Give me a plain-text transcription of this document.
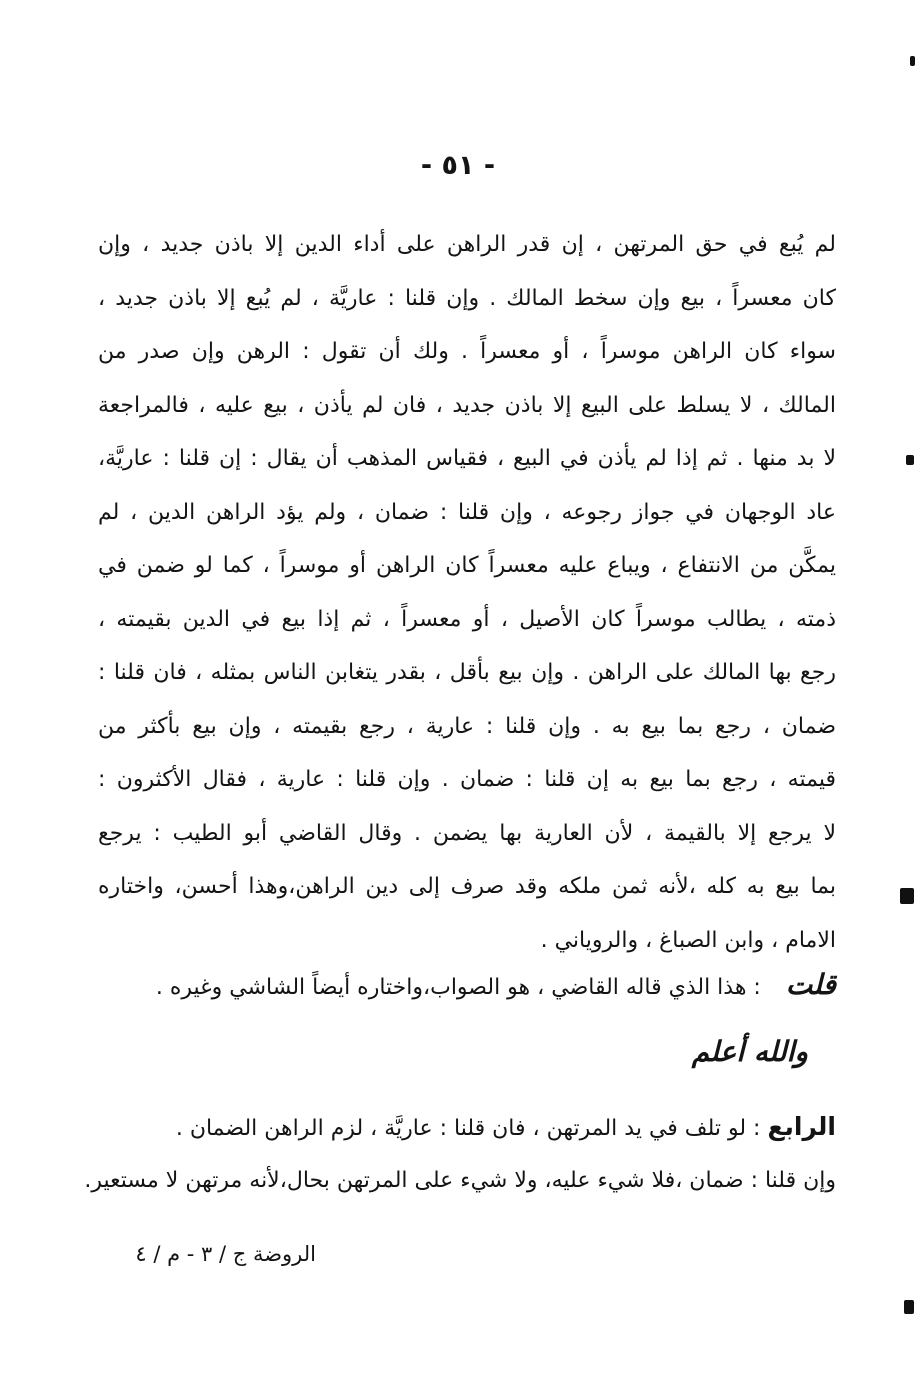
- ٥١ -
لم يُبع في حق المرتهن ، إن قدر الراهن على أداء الدين إلا باذن جديد ، وإن
كان معسراً ، بيع وإن سخط المالك . وإن قلنا : عاريَّة ، لم يُبع إلا باذن جديد ،
سواء كان الراهن موسراً ، أو معسراً . ولك أن تقول : الرهن وإن صدر من
المالك ، لا يسلط على البيع إلا باذن جديد ، فان لم يأذن ، بيع عليه ، فالمراجعة
لا بد منها . ثم إذا لم يأذن في البيع ، فقياس المذهب أن يقال : إن قلنا : عاريَّة،
عاد الوجهان في جواز رجوعه ، وإن قلنا : ضمان ، ولم يؤد الراهن الدين ، لم
يمكَّن من الانتفاع ، ويباع عليه معسراً كان الراهن أو موسراً ، كما لو ضمن في
ذمته ، يطالب موسراً كان الأصيل ، أو معسراً ، ثم إذا بيع في الدين بقيمته ،
رجع بها المالك على الراهن . وإن بيع بأقل ، بقدر يتغابن الناس بمثله ، فان قلنا :
ضمان ، رجع بما بيع به . وإن قلنا : عارية ، رجع بقيمته ، وإن بيع بأكثر من
قيمته ، رجع بما بيع به إن قلنا : ضمان . وإن قلنا : عارية ، فقال الأكثرون :
لا يرجع إلا بالقيمة ، لأن العارية بها يضمن . وقال القاضي أبو الطيب : يرجع
بما بيع به كله ،لأنه ثمن ملكه وقد صرف إلى دين الراهن،وهذا أحسن، واختاره
الامام ، وابن الصباغ ، والروياني .
قلت : هذا الذي قاله القاضي ، هو الصواب،واختاره أيضاً الشاشي وغيره .
والله أعلم
الرابع : لو تلف في يد المرتهن ، فان قلنا : عاريَّة ، لزم الراهن الضمان .
وإن قلنا : ضمان ،فلا شيء عليه، ولا شيء على المرتهن بحال،لأنه مرتهن لا مستعير.
الروضة ج / ٣ - م / ٤
